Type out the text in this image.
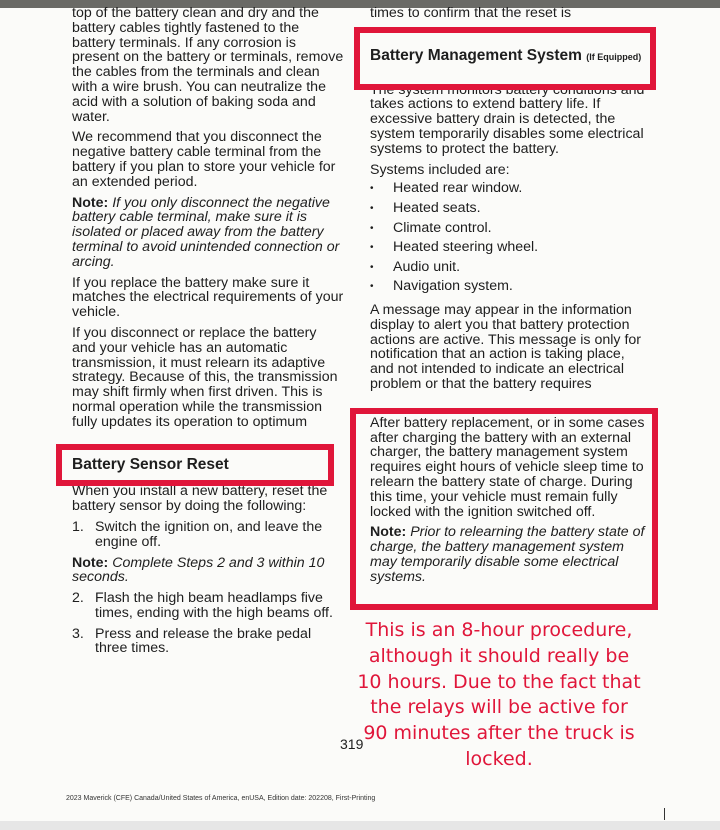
top of the battery clean and dry and the battery cables tightly fastened to the battery terminals. If any corrosion is present on the battery or terminals, remove the cables from the terminals and clean with a wire brush. You can neutralize the acid with a solution of baking soda and water.

We recommend that you disconnect the negative battery cable terminal from the battery if you plan to store your vehicle for an extended period.

Note: If you only disconnect the negative battery cable terminal, make sure it is isolated or placed away from the battery terminal to avoid unintended connection or arcing.

If you replace the battery make sure it matches the electrical requirements of your vehicle.

If you disconnect or replace the battery and your vehicle has an automatic transmission, it must relearn its adaptive strategy. Because of this, the transmission may shift firmly when first driven. This is normal operation while the transmission fully updates its operation to optimum

Battery Sensor Reset

When you install a new battery, reset the battery sensor by doing the following:

1. Switch the ignition on, and leave the engine off.

Note: Complete Steps 2 and 3 within 10 seconds.

2. Flash the high beam headlamps five times, ending with the high beams off.
3. Press and release the brake pedal three times.

times to confirm that the reset is

Battery Management System (If Equipped)

The system monitors battery conditions and takes actions to extend battery life. If excessive battery drain is detected, the system temporarily disables some electrical systems to protect the battery.

Systems included are:

• Heated rear window.
• Heated seats.
• Climate control.
• Heated steering wheel.
• Audio unit.
• Navigation system.

A message may appear in the information display to alert you that battery protection actions are active. This message is only for notification that an action is taking place, and not intended to indicate an electrical problem or that the battery requires

After battery replacement, or in some cases after charging the battery with an external charger, the battery management system requires eight hours of vehicle sleep time to relearn the battery state of charge. During this time, your vehicle must remain fully locked with the ignition switched off.

Note: Prior to relearning the battery state of charge, the battery management system may temporarily disable some electrical systems.

This is an 8-hour procedure, although it should really be 10 hours. Due to the fact that the relays will be active for 90 minutes after the truck is locked.
319
2023 Maverick (CFE) Canada/United States of America, enUSA, Edition date: 202208, First-Printing
